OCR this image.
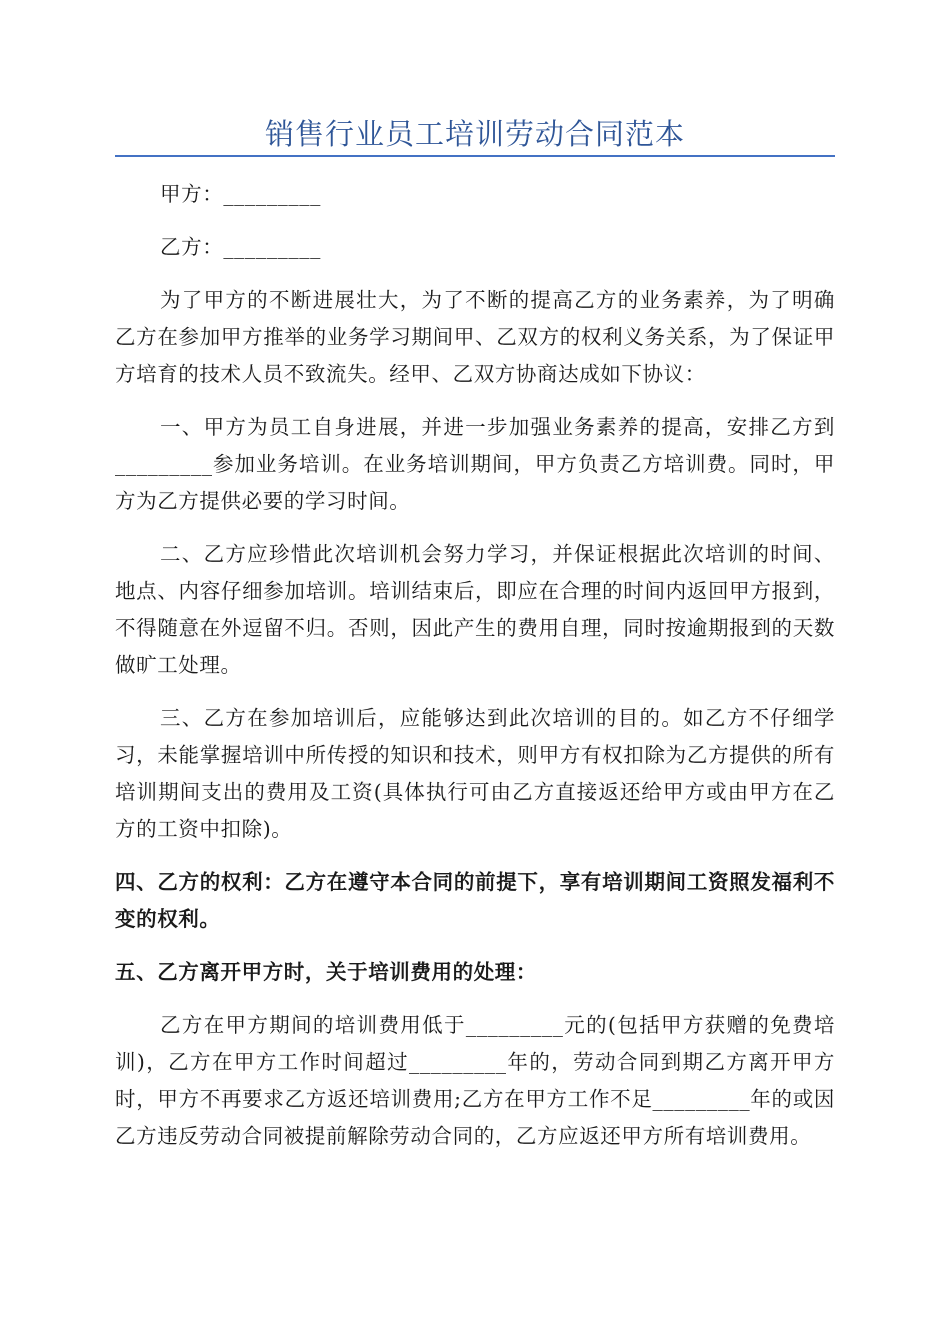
销售行业员工培训劳动合同范本

甲方：_________

乙方：_________

为了甲方的不断进展壮大，为了不断的提高乙方的业务素养，为了明确乙方在参加甲方推举的业务学习期间甲、乙双方的权利义务关系，为了保证甲方培育的技术人员不致流失。经甲、乙双方协商达成如下协议：

一、甲方为员工自身进展，并进一步加强业务素养的提高，安排乙方到_________参加业务培训。在业务培训期间，甲方负责乙方培训费。同时，甲方为乙方提供必要的学习时间。

二、乙方应珍惜此次培训机会努力学习，并保证根据此次培训的时间、地点、内容仔细参加培训。培训结束后，即应在合理的时间内返回甲方报到，不得随意在外逗留不归。否则，因此产生的费用自理，同时按逾期报到的天数做旷工处理。

三、乙方在参加培训后，应能够达到此次培训的目的。如乙方不仔细学习，未能掌握培训中所传授的知识和技术，则甲方有权扣除为乙方提供的所有培训期间支出的费用及工资(具体执行可由乙方直接返还给甲方或由甲方在乙方的工资中扣除)。

四、乙方的权利：乙方在遵守本合同的前提下，享有培训期间工资照发福利不变的权利。

五、乙方离开甲方时，关于培训费用的处理：

乙方在甲方期间的培训费用低于_________元的(包括甲方获赠的免费培训)，乙方在甲方工作时间超过_________年的，劳动合同到期乙方离开甲方时，甲方不再要求乙方返还培训费用;乙方在甲方工作不足_________年的或因乙方违反劳动合同被提前解除劳动合同的，乙方应返还甲方所有培训费用。
